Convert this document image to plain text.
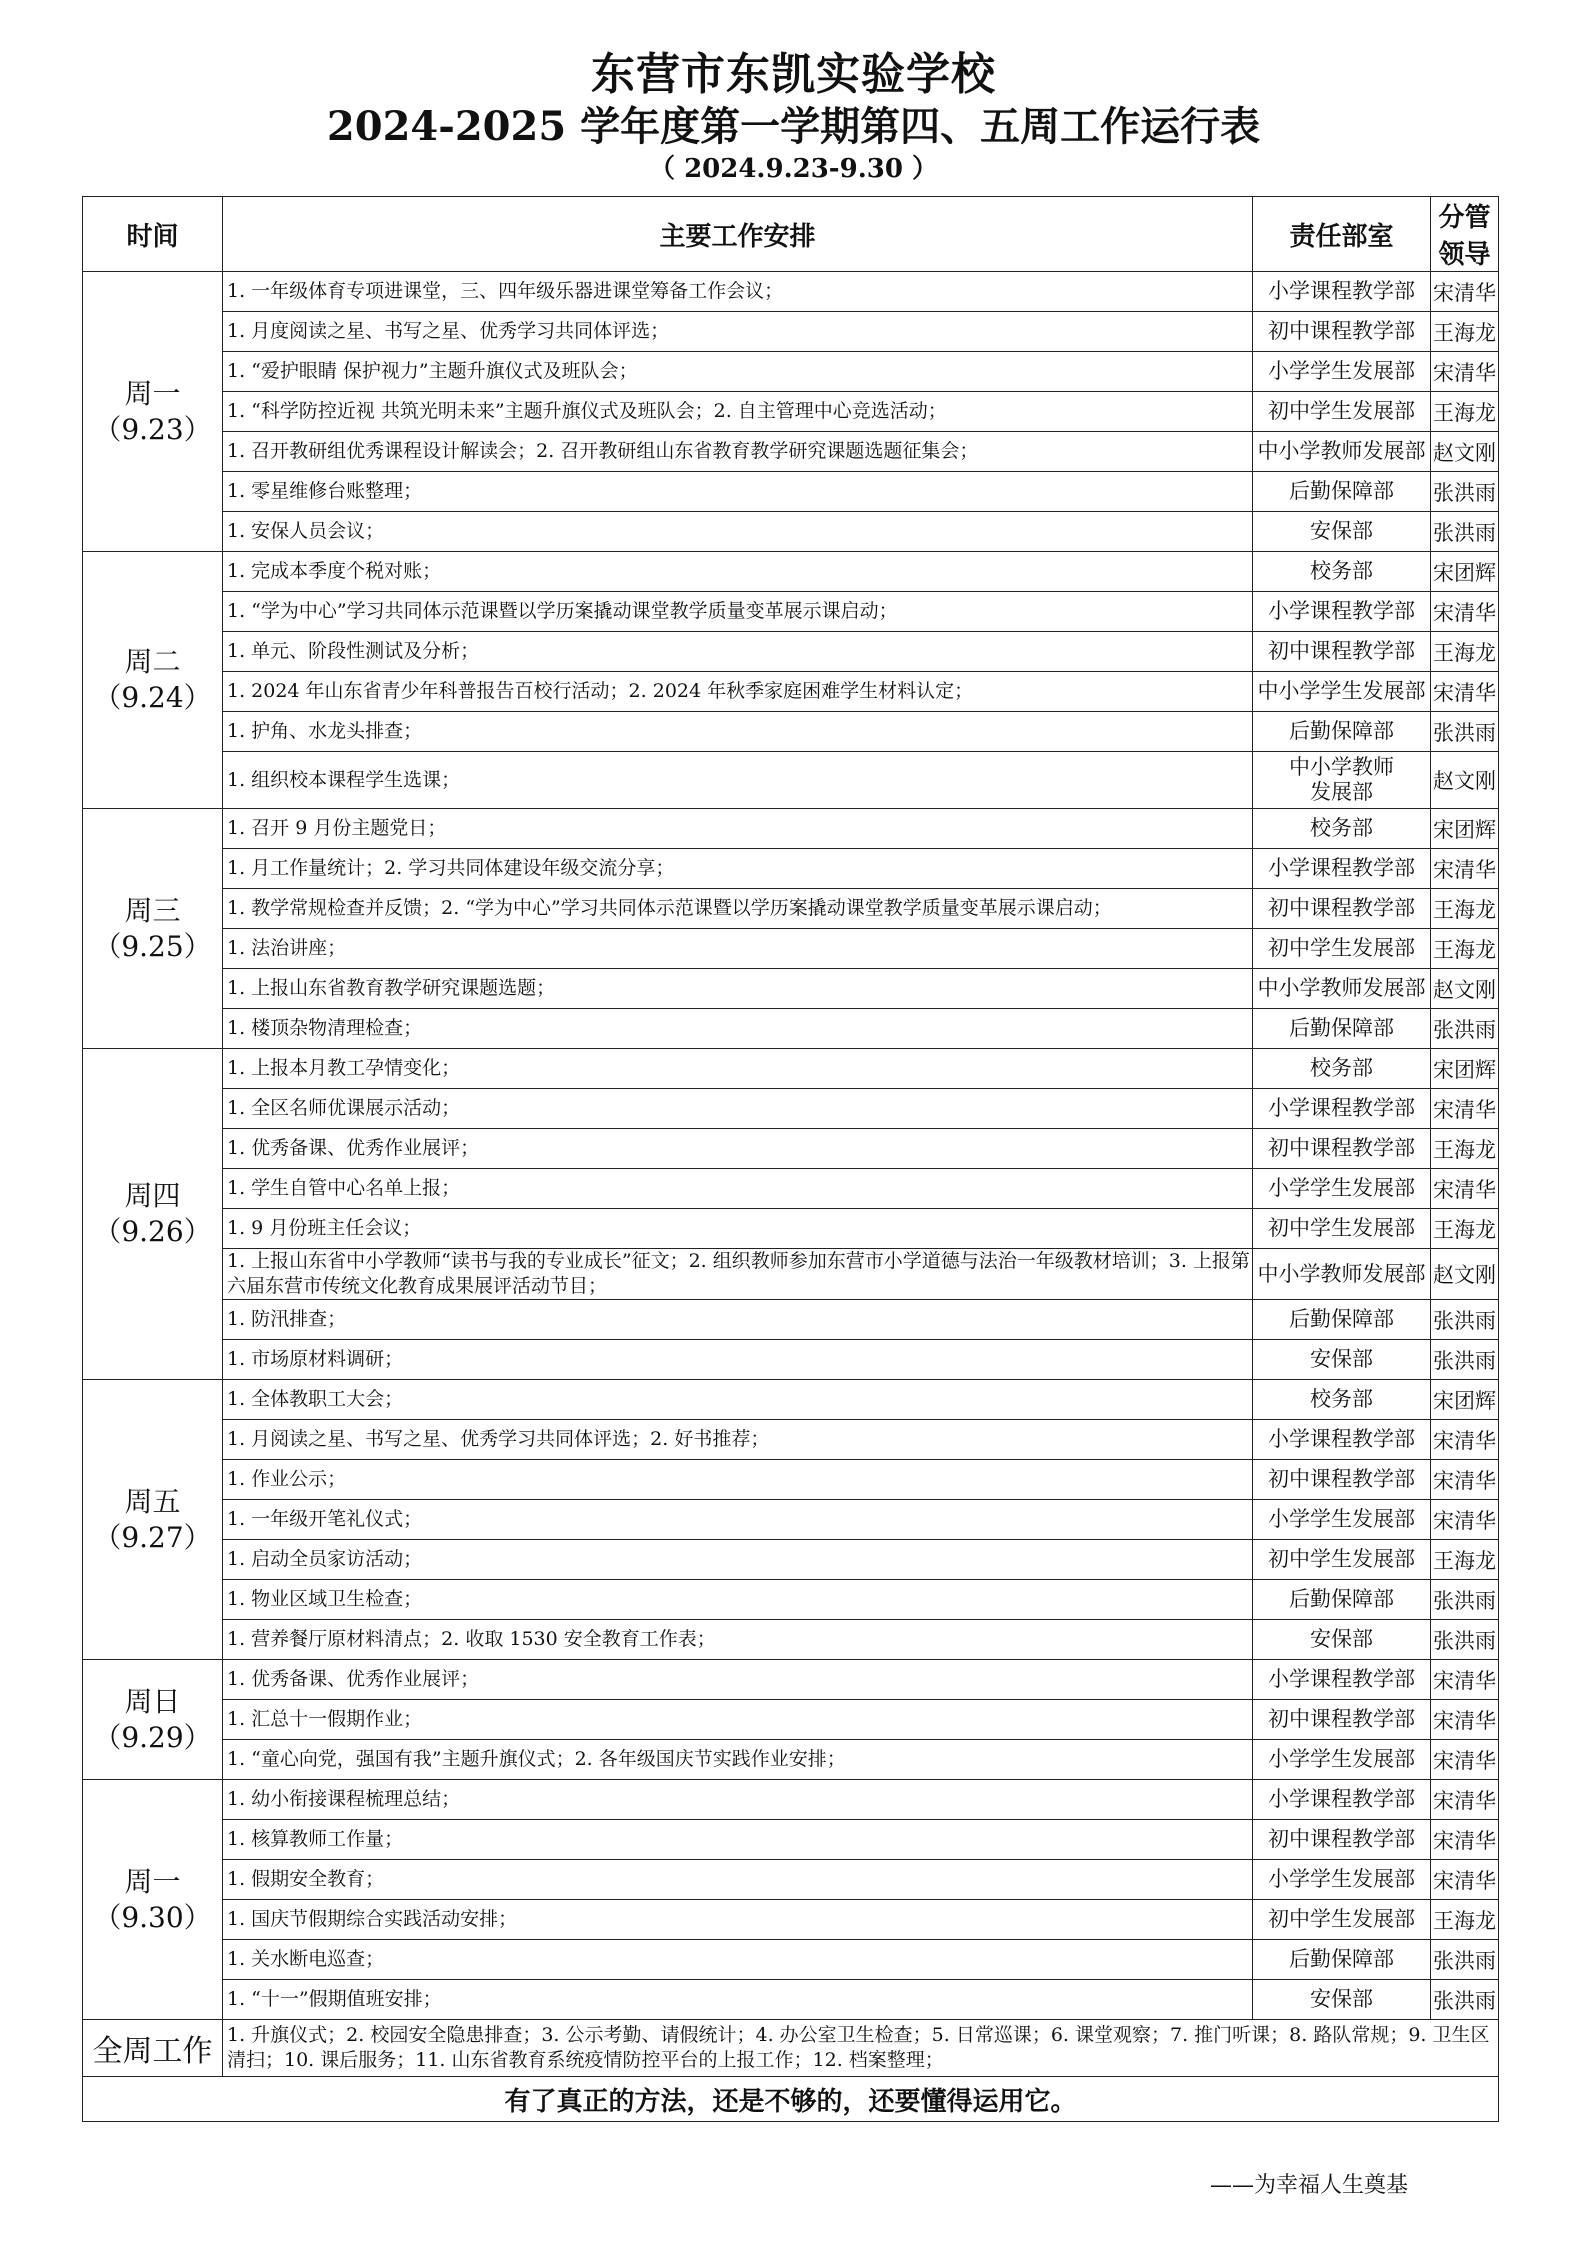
东营市东凯实验学校
2024-2025 学年度第一学期第四、五周工作运行表
（ 2024.9.23-9.30 ）
时间	主要工作安排	责任部室	分管领导

周一
（9.23）	1. 一年级体育专项进课堂，三、四年级乐器进课堂筹备工作会议；	小学课程教学部	宋清华
	1. 月度阅读之星、书写之星、优秀学习共同体评选；	初中课程教学部	王海龙
	1. “爱护眼睛 保护视力”主题升旗仪式及班队会；	小学学生发展部	宋清华
	1. “科学防控近视 共筑光明未来”主题升旗仪式及班队会；2. 自主管理中心竞选活动；	初中学生发展部	王海龙
	1. 召开教研组优秀课程设计解读会；2. 召开教研组山东省教育教学研究课题选题征集会；	中小学教师发展部	赵文刚
	1. 零星维修台账整理；	后勤保障部	张洪雨
	1. 安保人员会议；	安保部	张洪雨

周二
（9.24）	1. 完成本季度个税对账；	校务部	宋团辉
	1. “学为中心”学习共同体示范课暨以学历案撬动课堂教学质量变革展示课启动；	小学课程教学部	宋清华
	1. 单元、阶段性测试及分析；	初中课程教学部	王海龙
	1. 2024 年山东省青少年科普报告百校行活动；2. 2024 年秋季家庭困难学生材料认定；	中小学学生发展部	宋清华
	1. 护角、水龙头排查；	后勤保障部	张洪雨
	1. 组织校本课程学生选课；	中小学教师
发展部	赵文刚

周三
（9.25）	1. 召开 9 月份主题党日；	校务部	宋团辉
	1. 月工作量统计；2. 学习共同体建设年级交流分享；	小学课程教学部	宋清华
	1. 教学常规检查并反馈；2. “学为中心”学习共同体示范课暨以学历案撬动课堂教学质量变革展示课启动；	初中课程教学部	王海龙
	1. 法治讲座；	初中学生发展部	王海龙
	1. 上报山东省教育教学研究课题选题；	中小学教师发展部	赵文刚
	1. 楼顶杂物清理检查；	后勤保障部	张洪雨

周四
（9.26）	1. 上报本月教工孕情变化；	校务部	宋团辉
	1. 全区名师优课展示活动；	小学课程教学部	宋清华
	1. 优秀备课、优秀作业展评；	初中课程教学部	王海龙
	1. 学生自管中心名单上报；	小学学生发展部	宋清华
	1. 9 月份班主任会议；	初中学生发展部	王海龙
	1. 上报山东省中小学教师“读书与我的专业成长”征文；2. 组织教师参加东营市小学道德与法治一年级教材培训；3. 上报第六届东营市传统文化教育成果展评活动节目；	中小学教师发展部	赵文刚
	1. 防汛排查；	后勤保障部	张洪雨
	1. 市场原材料调研；	安保部	张洪雨

周五
（9.27）	1. 全体教职工大会；	校务部	宋团辉
	1. 月阅读之星、书写之星、优秀学习共同体评选；2. 好书推荐；	小学课程教学部	宋清华
	1. 作业公示；	初中课程教学部	宋清华
	1. 一年级开笔礼仪式；	小学学生发展部	宋清华
	1. 启动全员家访活动；	初中学生发展部	王海龙
	1. 物业区域卫生检查；	后勤保障部	张洪雨
	1. 营养餐厅原材料清点；2. 收取 1530 安全教育工作表；	安保部	张洪雨

周日
（9.29）	1. 优秀备课、优秀作业展评；	小学课程教学部	宋清华
	1. 汇总十一假期作业；	初中课程教学部	宋清华
	1. “童心向党，强国有我”主题升旗仪式；2. 各年级国庆节实践作业安排；	小学学生发展部	宋清华

周一
（9.30）	1. 幼小衔接课程梳理总结；	小学课程教学部	宋清华
	1. 核算教师工作量；	初中课程教学部	宋清华
	1. 假期安全教育；	小学学生发展部	宋清华
	1. 国庆节假期综合实践活动安排；	初中学生发展部	王海龙
	1. 关水断电巡查；	后勤保障部	张洪雨
	1. “十一”假期值班安排；	安保部	张洪雨
全周工作	1. 升旗仪式；2. 校园安全隐患排查；3. 公示考勤、请假统计；4. 办公室卫生检查；5. 日常巡课；6. 课堂观察；7. 推门听课；8. 路队常规；9. 卫生区清扫；10. 课后服务；11. 山东省教育系统疫情防控平台的上报工作；12. 档案整理；		
有了真正的方法，还是不够的，还要懂得运用它。			
——为幸福人生奠基
